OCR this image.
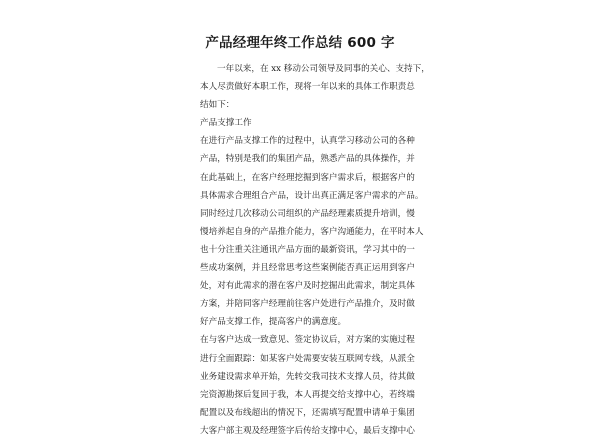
产品经理年终工作总结 600 字
一年以来，在 xx 移动公司领导及同事的关心、支持下，
本人尽责做好本职工作，现将一年以来的具体工作职责总
结如下：
产品支撑工作
在进行产品支撑工作的过程中，认真学习移动公司的各种
产品，特别是我们的集团产品，熟悉产品的具体操作，并
在此基础上，在客户经理挖掘到客户需求后，根据客户的
具体需求合理组合产品，设计出真正满足客户需求的产品。
同时经过几次移动公司组织的产品经理素质提升培训，慢
慢培养起自身的产品推介能力，客户沟通能力，在平时本人
也十分注重关注通讯产品方面的最新资讯，学习其中的一
些成功案例，并且经常思考这些案例能否真正运用到客户
处，对有此需求的潜在客户及时挖掘出此需求，制定具体
方案，并陪同客户经理前往客户处进行产品推介，及时做
好产品支撑工作，提高客户的满意度。
在与客户达成一致意见、签定协议后，对方案的实施过程
进行全面跟踪：如某客户处需要安装互联网专线，从派全
业务建设需求单开始，先转交我司技术支撑人员，待其做
完资源勘探后复回于我，本人再提交给支撑中心，若终端
配置以及布线超出的情况下，还需填写配置申请单于集团
大客户部主观及经理签字后传给支撑中心，最后支撑中心
